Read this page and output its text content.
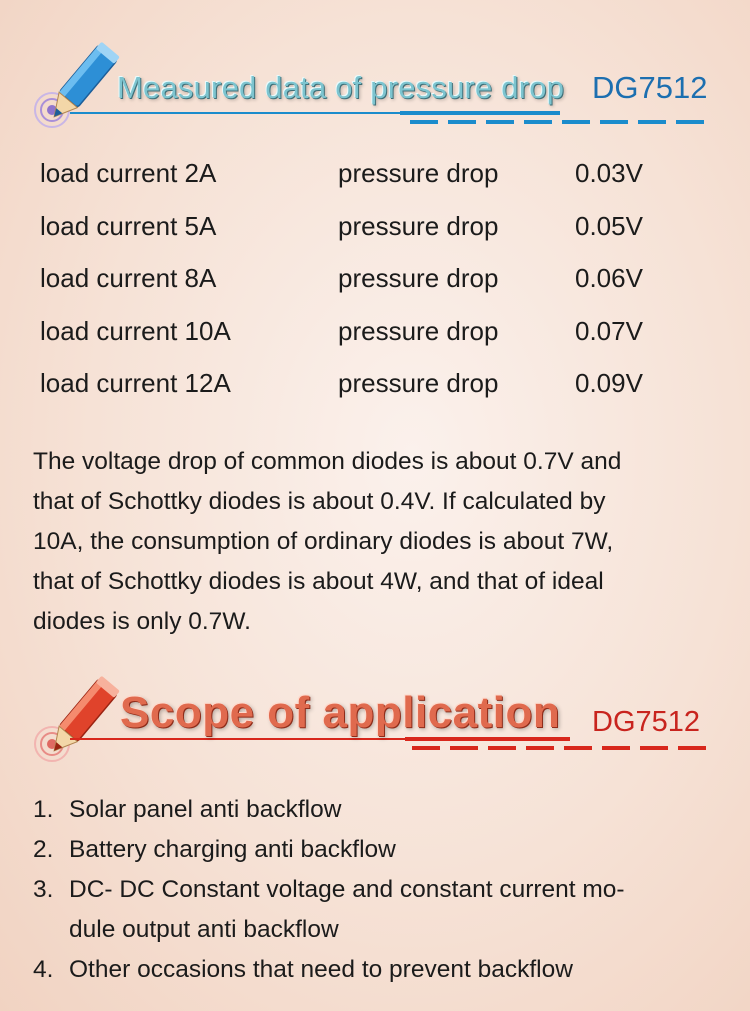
Measured data of pressure drop DG7512
load current 2A	pressure drop	0.03V
load current 5A	pressure drop	0.05V
load current 8A	pressure drop	0.06V
load current 10A	pressure drop	0.07V
load current 12A	pressure drop	0.09V

The voltage drop of common diodes is about 0.7V and
that of Schottky diodes is about 0.4V. If calculated by
10A, the consumption of ordinary diodes is about 7W,
that of Schottky diodes is about 4W, and that of ideal
diodes is only 0.7W.

Scope of application DG7512
1. Solar panel anti backflow
2. Battery charging anti backflow
3. DC- DC Constant voltage and constant current mo-
dule output anti backflow
4. Other occasions that need to prevent backflow
